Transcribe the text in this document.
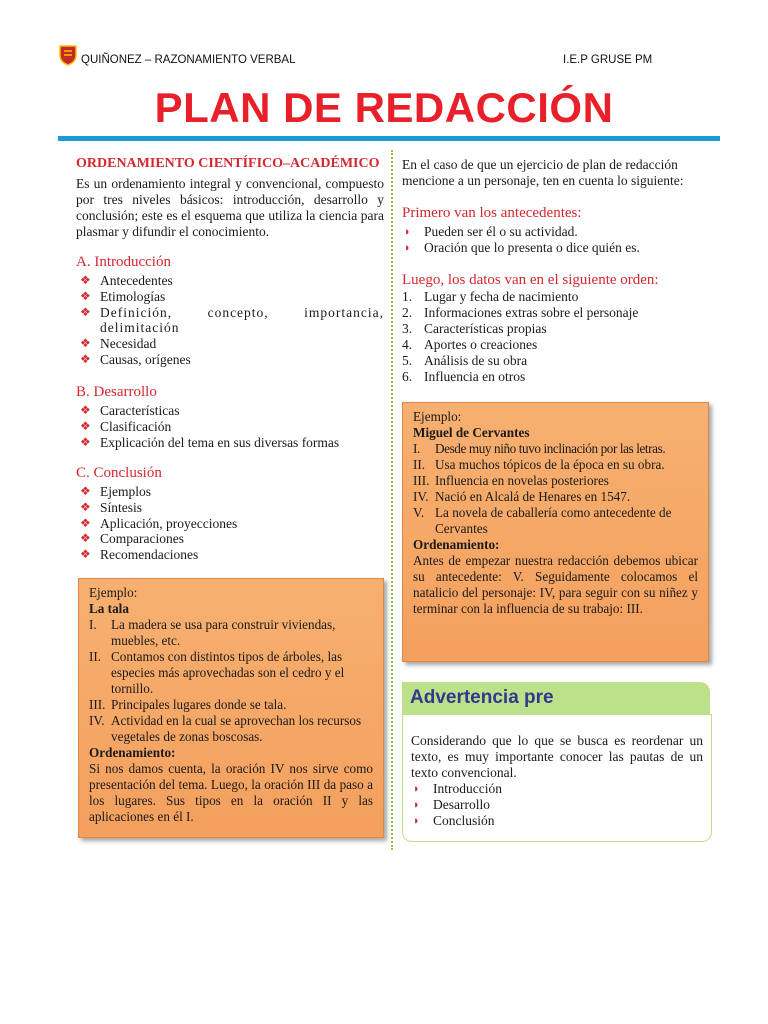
QUIÑONEZ – RAZONAMIENTO VERBAL	I.E.P GRUSE PM
PLAN DE REDACCIÓN
ORDENAMIENTO CIENTÍFICO–ACADÉMICO
Es un ordenamiento integral y convencional, compuesto por tres niveles básicos: introducción, desarrollo y conclusión; este es el esquema que utiliza la ciencia para plasmar y difundir el conocimiento.
A. Introducción
❖ Antecedentes
❖ Etimologías
❖ Definición, concepto, importancia, delimitación
❖ Necesidad
❖ Causas, orígenes
B. Desarrollo
❖ Características
❖ Clasificación
❖ Explicación del tema en sus diversas formas
C. Conclusión
❖ Ejemplos
❖ Síntesis
❖ Aplicación, proyecciones
❖ Comparaciones
❖ Recomendaciones
Ejemplo:
La tala
I. La madera se usa para construir viviendas, muebles, etc.
II. Contamos con distintos tipos de árboles, las especies más aprovechadas son el cedro y el tornillo.
III. Principales lugares donde se tala.
IV. Actividad en la cual se aprovechan los recursos vegetales de zonas boscosas.
Ordenamiento:
Si nos damos cuenta, la oración IV nos sirve como presentación del tema. Luego, la oración III da paso a los lugares. Sus tipos en la oración II y las aplicaciones en él I.
En el caso de que un ejercicio de plan de redacción mencione a un personaje, ten en cuenta lo siguiente:
Primero van los antecedentes:
◗ Pueden ser él o su actividad.
◗ Oración que lo presenta o dice quién es.
Luego, los datos van en el siguiente orden:
1. Lugar y fecha de nacimiento
2. Informaciones extras sobre el personaje
3. Características propias
4. Aportes o creaciones
5. Análisis de su obra
6. Influencia en otros
Ejemplo:
Miguel de Cervantes
I. Desde muy niño tuvo inclinación por las letras.
II. Usa muchos tópicos de la época en su obra.
III. Influencia en novelas posteriores
IV. Nació en Alcalá de Henares en 1547.
V. La novela de caballería como antecedente de Cervantes
Ordenamiento:
Antes de empezar nuestra redacción debemos ubicar su antecedente: V. Seguidamente colocamos el natalicio del personaje: IV, para seguir con su niñez y terminar con la influencia de su trabajo: III.
Advertencia pre
Considerando que lo que se busca es reordenar un texto, es muy importante conocer las pautas de un texto convencional.
◗ Introducción
◗ Desarrollo
◗ Conclusión
